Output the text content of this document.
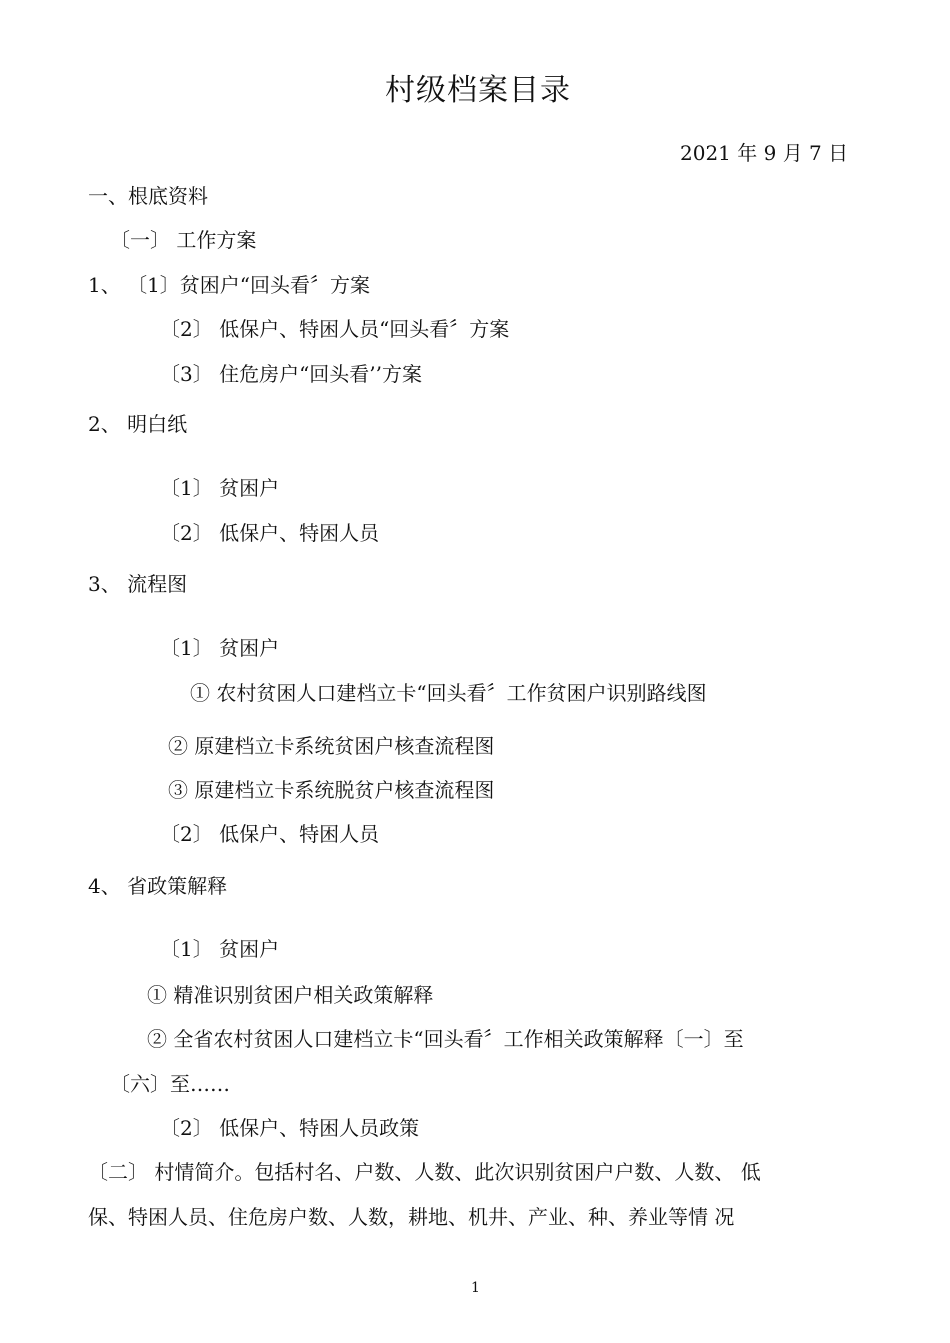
村级档案目录
2021 年 9 月 7 日
一、根底资料
〔一〕 工作方案
1、 〔1〕贫困户“回头看〞方案
〔2〕 低保户、特困人员“回头看〞方案
〔3〕 住危房户“回头看’’方案
2、 明白纸
〔1〕 贫困户
〔2〕 低保户、特困人员
3、 流程图
〔1〕 贫困户
① 农村贫困人口建档立卡“回头看〞工作贫困户识别路线图
② 原建档立卡系统贫困户核查流程图
③ 原建档立卡系统脱贫户核查流程图
〔2〕 低保户、特困人员
4、 省政策解释
〔1〕 贫困户
① 精准识别贫困户相关政策解释
② 全省农村贫困人口建档立卡“回头看〞工作相关政策解释〔一〕至
〔六〕至……
〔2〕 低保户、特困人员政策
〔二〕 村情简介。包括村名、户数、人数、此次识别贫困户户数、人数、 低
保、特困人员、住危房户数、人数，耕地、机井、产业、种、养业等情 况
1
